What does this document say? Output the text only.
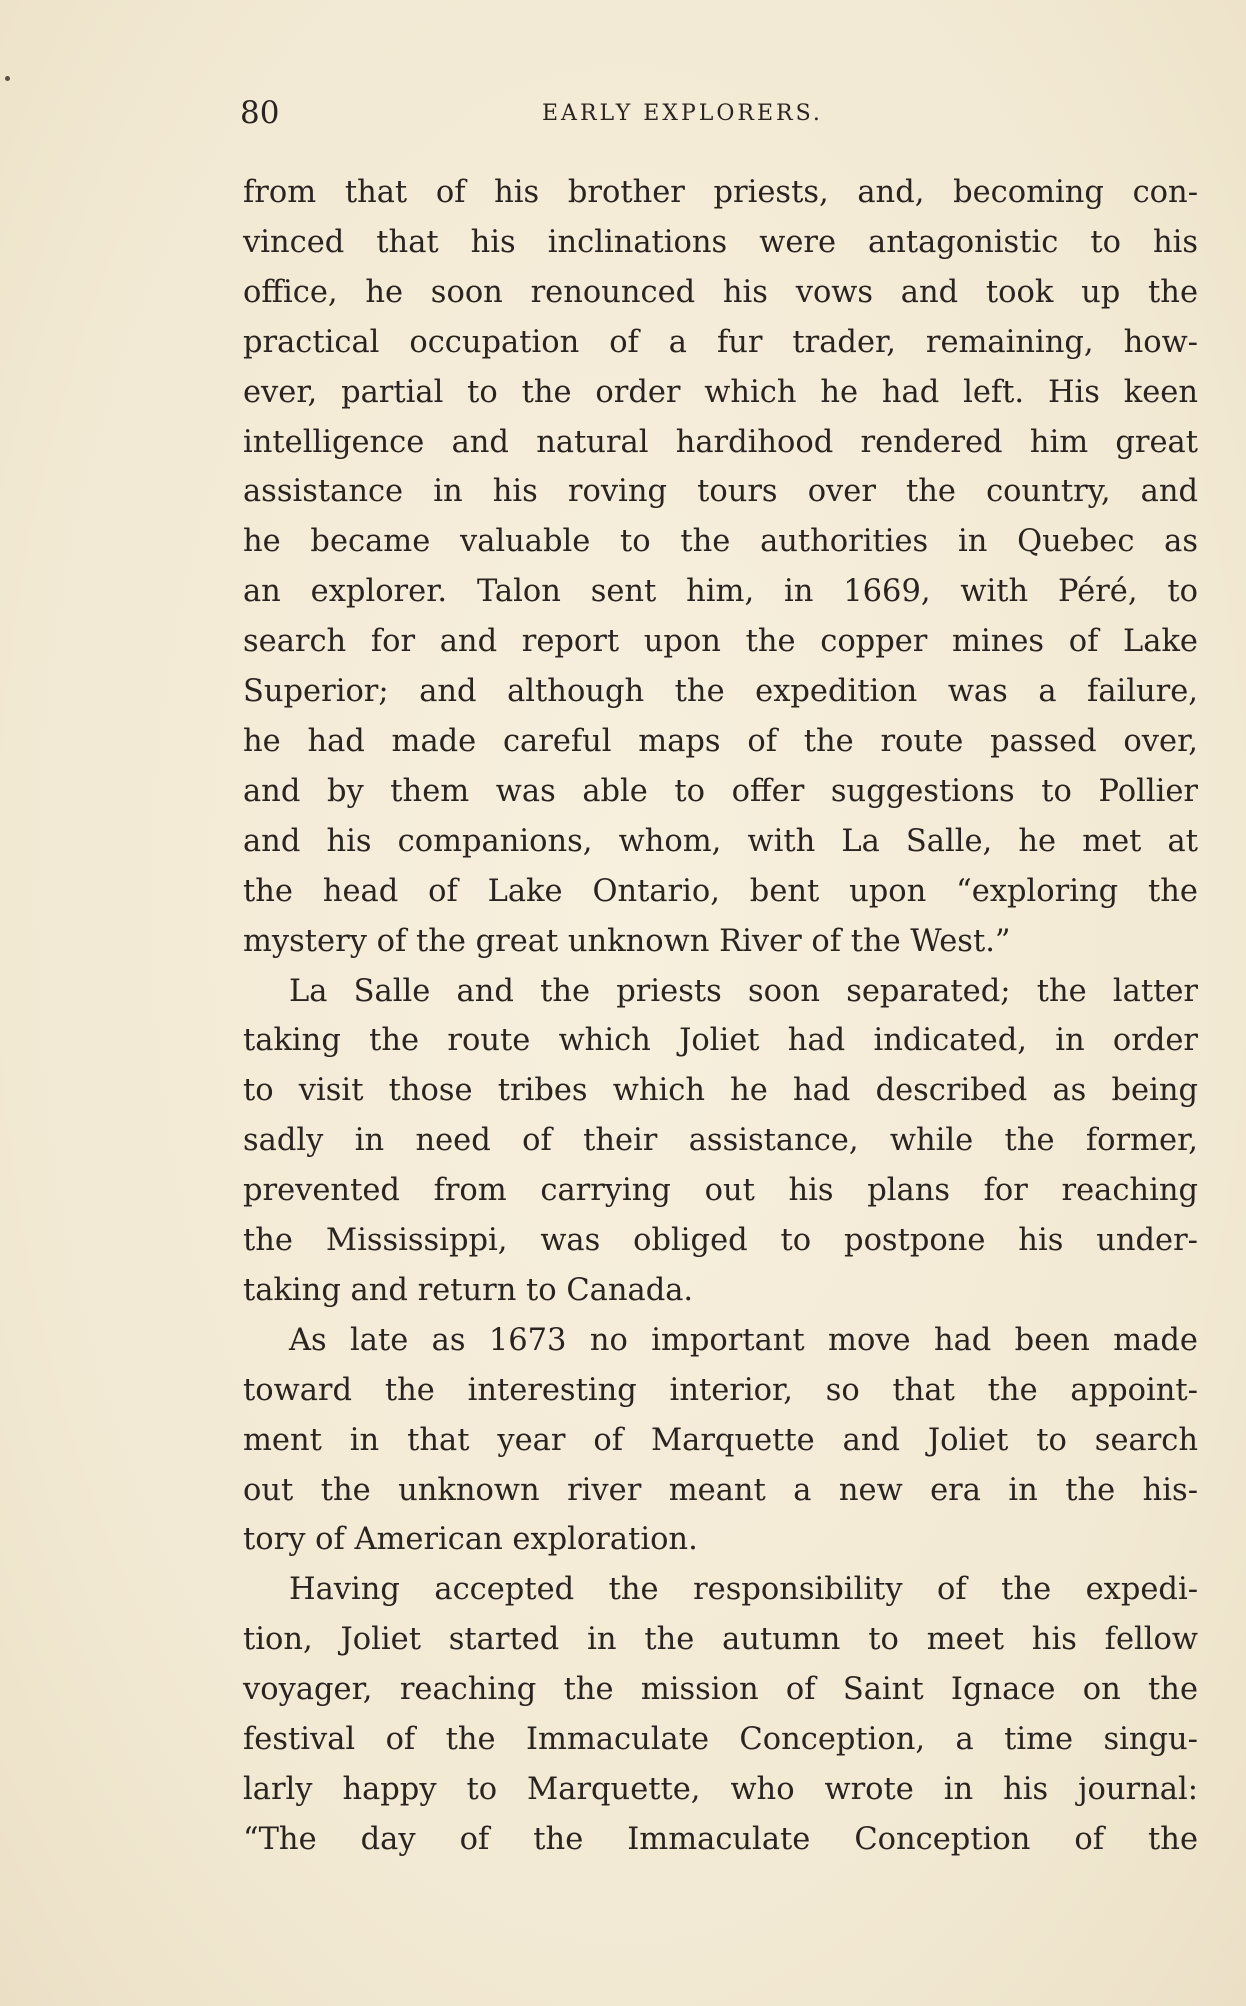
80	EARLY EXPLORERS.
from that of his brother priests, and, becoming con-
vinced that his inclinations were antagonistic to his
office, he soon renounced his vows and took up the
practical occupation of a fur trader, remaining, how-
ever, partial to the order which he had left. His keen
intelligence and natural hardihood rendered him great
assistance in his roving tours over the country, and
he became valuable to the authorities in Quebec as
an explorer. Talon sent him, in 1669, with Péré, to
search for and report upon the copper mines of Lake
Superior; and although the expedition was a failure,
he had made careful maps of the route passed over,
and by them was able to offer suggestions to Pollier
and his companions, whom, with La Salle, he met at
the head of Lake Ontario, bent upon “exploring the
mystery of the great unknown River of the West.”
La Salle and the priests soon separated; the latter
taking the route which Joliet had indicated, in order
to visit those tribes which he had described as being
sadly in need of their assistance, while the former,
prevented from carrying out his plans for reaching
the Mississippi, was obliged to postpone his under-
taking and return to Canada.
As late as 1673 no important move had been made
toward the interesting interior, so that the appoint-
ment in that year of Marquette and Joliet to search
out the unknown river meant a new era in the his-
tory of American exploration.
Having accepted the responsibility of the expedi-
tion, Joliet started in the autumn to meet his fellow
voyager, reaching the mission of Saint Ignace on the
festival of the Immaculate Conception, a time singu-
larly happy to Marquette, who wrote in his journal:
“The day of the Immaculate Conception of the
